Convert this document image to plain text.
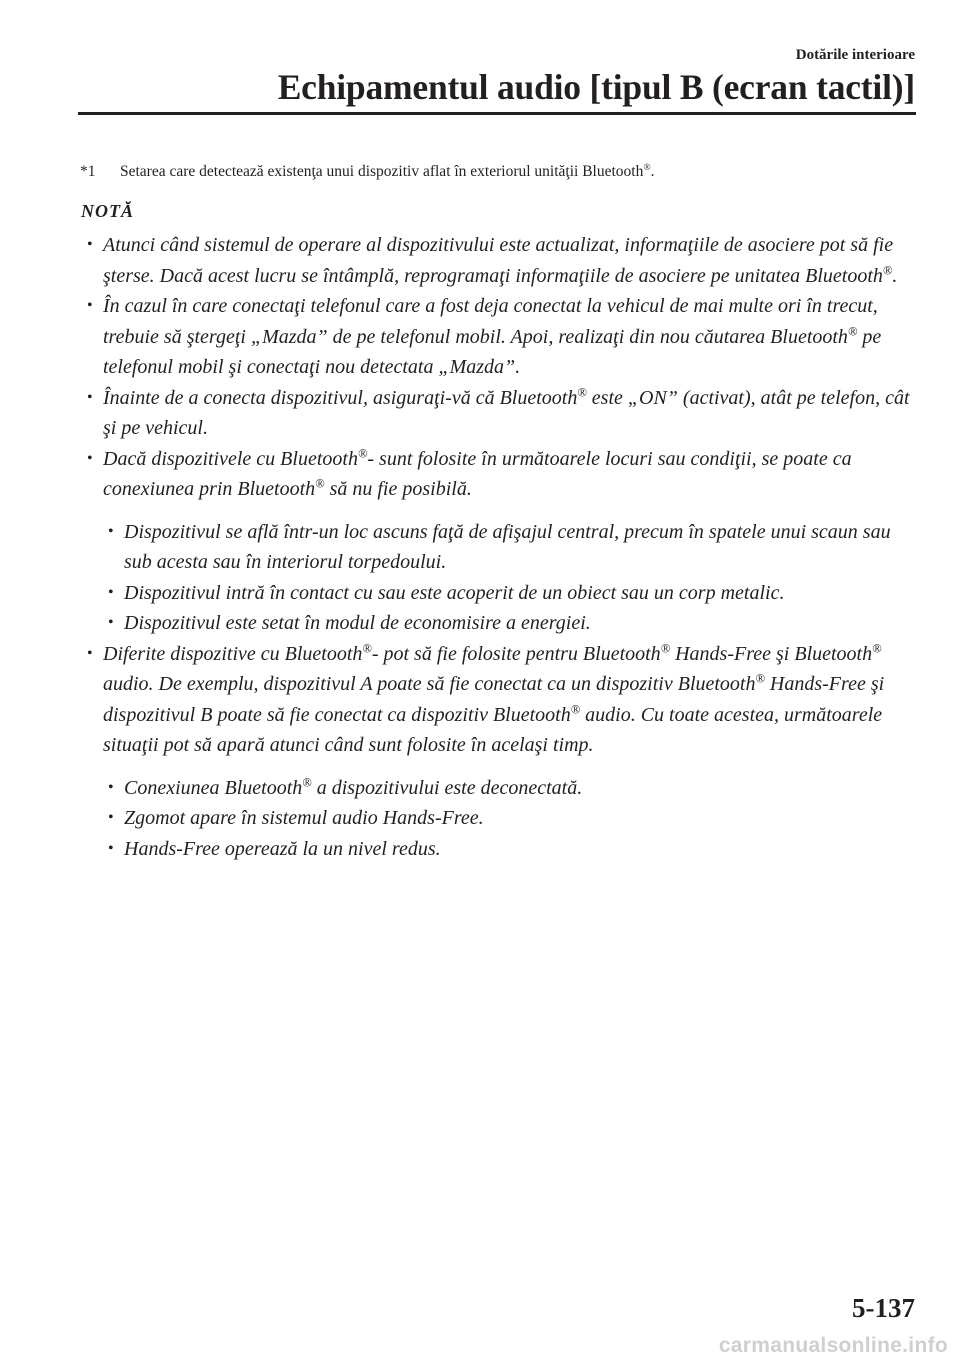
Dotările interioare
Echipamentul audio [tipul B (ecran tactil)]
*1 Setarea care detectează existenţa unui dispozitiv aflat în exteriorul unităţii Bluetooth®.
NOTĂ

• Atunci când sistemul de operare al dispozitivului este actualizat, informaţiile de asociere pot să fie şterse. Dacă acest lucru se întâmplă, reprogramaţi informaţiile de asociere pe unitatea Bluetooth®.

• În cazul în care conectaţi telefonul care a fost deja conectat la vehicul de mai multe ori în trecut, trebuie să ştergeţi „Mazda” de pe telefonul mobil. Apoi, realizaţi din nou căutarea Bluetooth® pe telefonul mobil şi conectaţi nou detectata „Mazda”.

• Înainte de a conecta dispozitivul, asiguraţi-vă că Bluetooth® este „ON” (activat), atât pe telefon, cât şi pe vehicul.

• Dacă dispozitivele cu Bluetooth®- sunt folosite în următoarele locuri sau condiţii, se poate ca conexiunea prin Bluetooth® să nu fie posibilă.

• Dispozitivul se află într-un loc ascuns faţă de afişajul central, precum în spatele unui scaun sau sub acesta sau în interiorul torpedoului.

• Dispozitivul intră în contact cu sau este acoperit de un obiect sau un corp metalic.

• Dispozitivul este setat în modul de economisire a energiei.

• Diferite dispozitive cu Bluetooth®- pot să fie folosite pentru Bluetooth® Hands-Free şi Bluetooth® audio. De exemplu, dispozitivul A poate să fie conectat ca un dispozitiv Bluetooth® Hands-Free şi dispozitivul B poate să fie conectat ca dispozitiv Bluetooth® audio. Cu toate acestea, următoarele situaţii pot să apară atunci când sunt folosite în acelaşi timp.

• Conexiunea Bluetooth® a dispozitivului este deconectată.

• Zgomot apare în sistemul audio Hands-Free.

• Hands-Free operează la un nivel redus.

5-137
carmanualsonline.info
